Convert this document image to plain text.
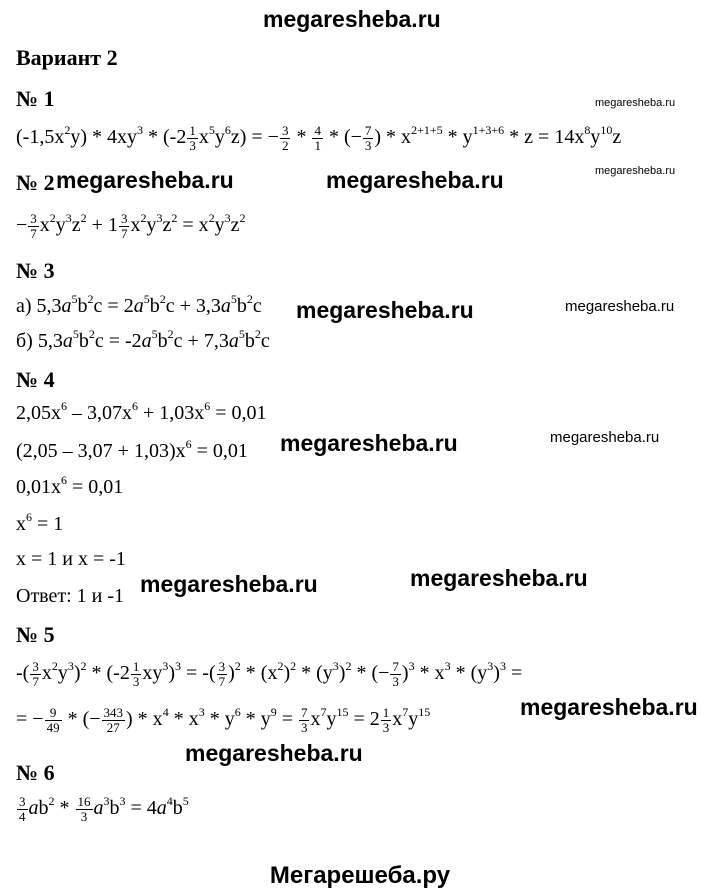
megaresheba.ru
Вариант 2
№ 1	megaresheba.ru
$(-1,5x^2y) * 4xy^3 * (-2 \frac{1}{3} x^5y^6z)$ = − $\frac{3}{2} * \frac{4}{1}$ * (− $\frac{7}{3}$ ) * $x^{2+1+5} * y^{1+3+6} * z = 14x^8y^{10}z$
megaresheba.ru
№ 2 megaresheba.ru	megaresheba.ru
− $\frac{3}{7} x^2y^3z^2 + 1 \frac{3}{7} x^2y^3z^2 = x^2y^3z^2$
№ 3
а) $5,3a^5b^2c = 2a^5b^2c + 3,3a^5b^2c$ megaresheba.ru	megaresheba.ru
б) $5,3a^5b^2c = -2a^5b^2c + 7,3a^5b^2c$
№ 4
$2,05x^6 - 3,07x^6 + 1,03x^6 = 0,01$
$(2,05 - 3,07 + 1,03)x^6 = 0,01$ megaresheba.ru	megaresheba.ru
$0,01x^6 = 0,01$
$x^6 = 1$
x = 1 и x = -1
Ответ: 1 и -1 megaresheba.ru	megaresheba.ru
№ 5
-( $\frac{3}{7} x^2y^3)^2 * (-2 \frac{1}{3} xy^3)^3$ = -( $\frac{3}{7} )^2 * (x^2)^2 * (y^3)^2$ * (− $\frac{7}{3} )^3 * x^3 * (y^3)^3$ =
= − $\frac{9}{49}$ * (− $\frac{343}{27}$ ) * $x^4 * x^3 * y^6 * y^9 = \frac{7}{3} x^7y^{15} = 2 \frac{1}{3} x^7y^{15}$	megaresheba.ru
megaresheba.ru
№ 6
$\frac{3}{4} ab^2 * \frac{16}{3} a^3b^3 = 4a^4b^5$
Мегарешеба.ру
